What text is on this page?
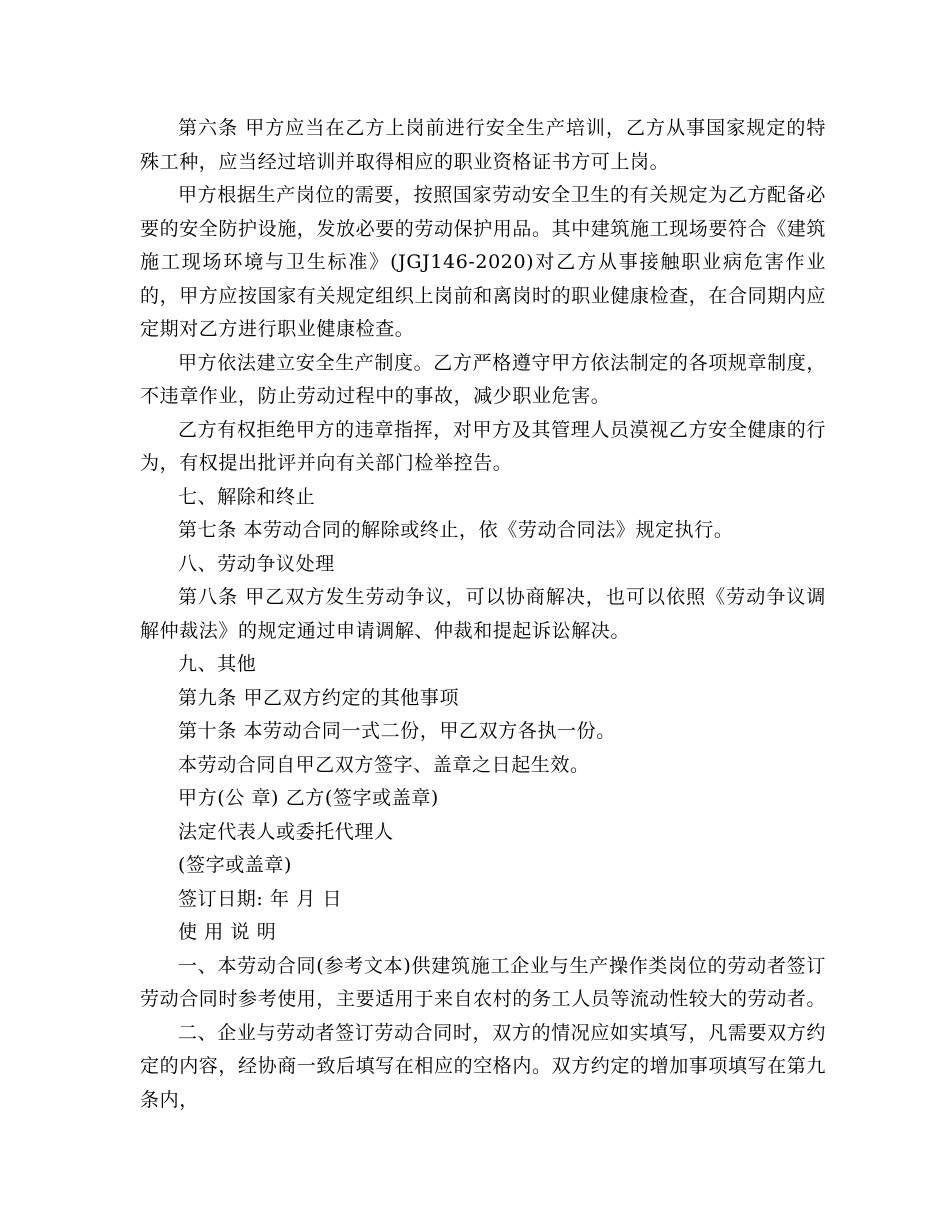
第六条 甲方应当在乙方上岗前进行安全生产培训，乙方从事国家规定的特殊工种，应当经过培训并取得相应的职业资格证书方可上岗。

甲方根据生产岗位的需要，按照国家劳动安全卫生的有关规定为乙方配备必要的安全防护设施，发放必要的劳动保护用品。其中建筑施工现场要符合《建筑施工现场环境与卫生标准》(JGJ146-2020)对乙方从事接触职业病危害作业的，甲方应按国家有关规定组织上岗前和离岗时的职业健康检查，在合同期内应定期对乙方进行职业健康检查。

甲方依法建立安全生产制度。乙方严格遵守甲方依法制定的各项规章制度，不违章作业，防止劳动过程中的事故，减少职业危害。

乙方有权拒绝甲方的违章指挥，对甲方及其管理人员漠视乙方安全健康的行为，有权提出批评并向有关部门检举控告。

七、解除和终止

第七条 本劳动合同的解除或终止，依《劳动合同法》规定执行。

八、劳动争议处理

第八条 甲乙双方发生劳动争议，可以协商解决，也可以依照《劳动争议调解仲裁法》的规定通过申请调解、仲裁和提起诉讼解决。

九、其他

第九条 甲乙双方约定的其他事项

第十条 本劳动合同一式二份，甲乙双方各执一份。

本劳动合同自甲乙双方签字、盖章之日起生效。

甲方(公 章) 乙方(签字或盖章)

法定代表人或委托代理人

(签字或盖章)

签订日期: 年 月 日

使 用 说 明

一、本劳动合同(参考文本)供建筑施工企业与生产操作类岗位的劳动者签订劳动合同时参考使用，主要适用于来自农村的务工人员等流动性较大的劳动者。

二、企业与劳动者签订劳动合同时，双方的情况应如实填写，凡需要双方约定的内容，经协商一致后填写在相应的空格内。双方约定的增加事项填写在第九条内，
